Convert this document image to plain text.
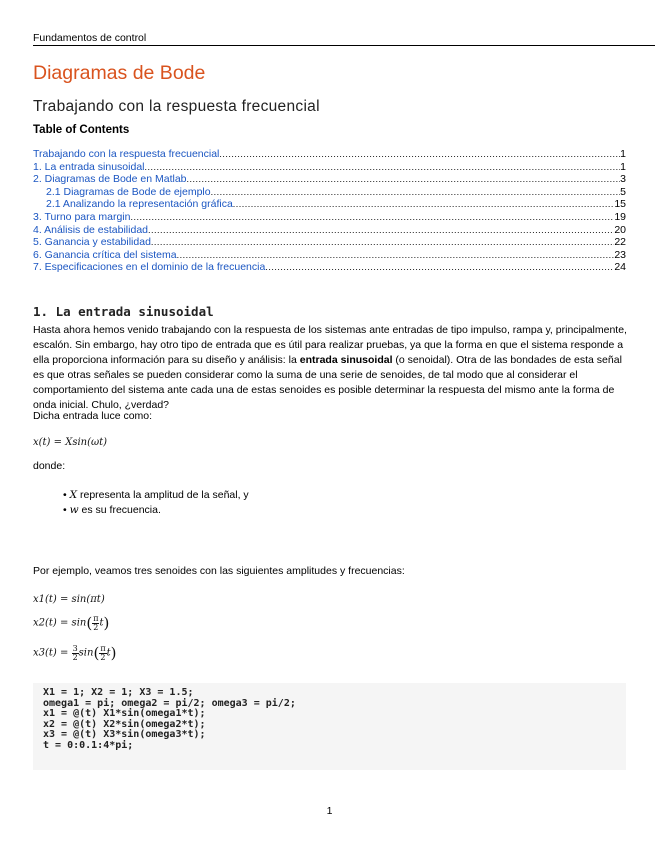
Fundamentos de control
Diagramas de Bode
Trabajando con la respuesta frecuencial
Table of Contents
Trabajando con la respuesta frecuencial .....	1
1. La entrada sinusoidal .....	1
2. Diagramas de Bode en Matlab .....	3
2.1 Diagramas de Bode de ejemplo .....	5
2.1 Analizando la representación gráfica .....	15
3. Turno para margin .....	19
4. Análisis de estabilidad .....	20
5. Ganancia y estabilidad .....	22
6. Ganancia crítica del sistema .....	23
7. Especificaciones en el dominio de la frecuencia .....	24
1. La entrada sinusoidal
Hasta ahora hemos venido trabajando con la respuesta de los sistemas ante entradas de tipo impulso, rampa y, principalmente, escalón. Sin embargo, hay otro tipo de entrada que es útil para realizar pruebas, ya que la forma en que el sistema responde a ella proporciona información para su diseño y análisis: la entrada sinusoidal (o senoidal). Otra de las bondades de esta señal es que otras señales se pueden considerar como la suma de una serie de senoides, de tal modo que al considerar el comportamiento del sistema ante cada una de estas senoides es posible determinar la respuesta del mismo ante la forma de onda inicial. Chulo, ¿verdad?
Dicha entrada luce como:
x(t) = Xsin(ωt)
donde:
• X representa la amplitud de la señal, y
• w es su frecuencia.
Por ejemplo, veamos tres senoides con las siguientes amplitudes y frecuencias:
x1(t) = sin(πt)
$x2(t) = \sin( \frac{\pi}{2} t)$
$x3(t) = \frac{3}{2} \sin( \frac{\pi}{2} t)$
X1 = 1; X2 = 1; X3 = 1.5;
omega1 = pi; omega2 = pi/2; omega3 = pi/2;
x1 = @(t) X1*sin(omega1*t);
x2 = @(t) X2*sin(omega2*t);
x3 = @(t) X3*sin(omega3*t);
t = 0:0.1:4*pi;
1
